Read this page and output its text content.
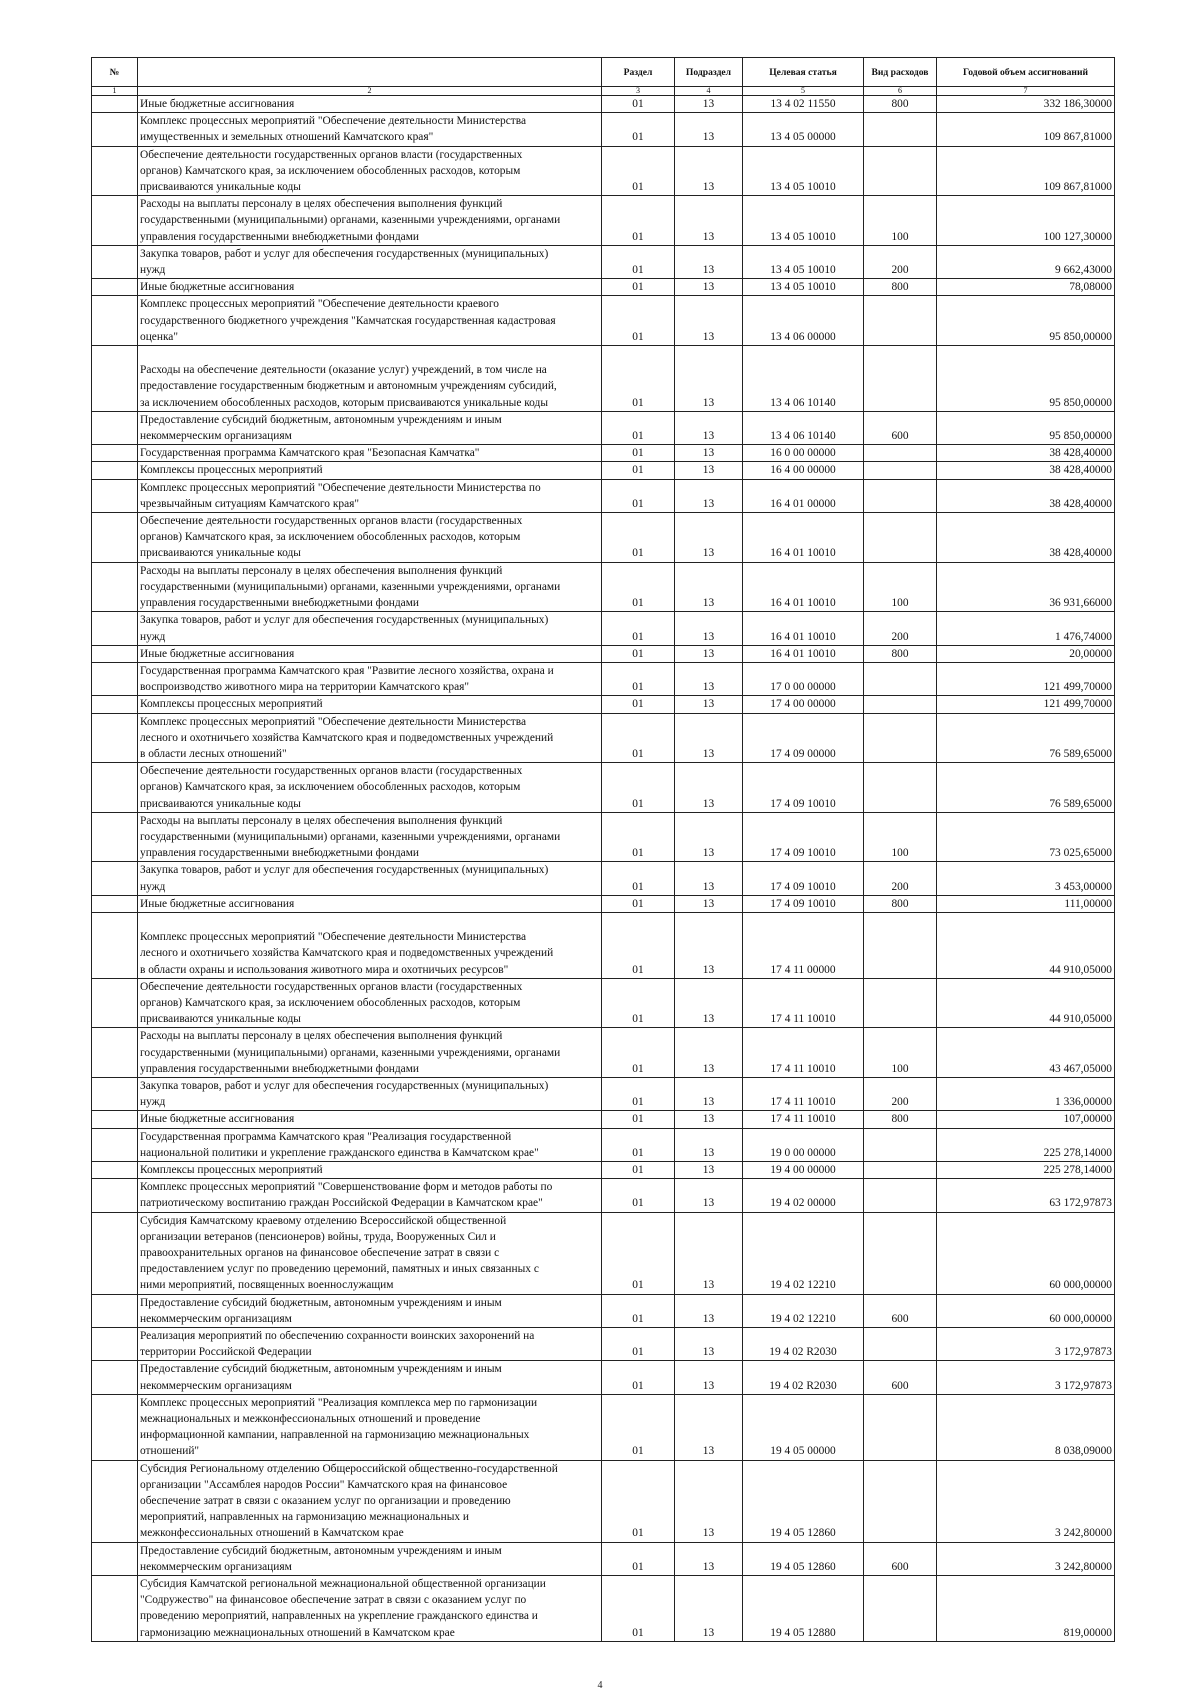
№		Раздел	Подраздел	Целевая статья	Вид расходов	Годовой объем ассигнований
1	2	3	4	5	6	7
	Иные бюджетные ассигнования	01	13	13 4 02 11550	800	332 186,30000
	Комплекс процессных мероприятий "Обеспечение деятельности Министерства
имущественных и земельных отношений Камчатского края"	01	13	13 4 05 00000		109 867,81000
	Обеспечение деятельности государственных органов власти (государственных
органов) Камчатского края, за исключением обособленных расходов, которым
присваиваются уникальные коды	01	13	13 4 05 10010		109 867,81000
	Расходы на выплаты персоналу в целях обеспечения выполнения функций
государственными (муниципальными) органами, казенными учреждениями, органами
управления государственными внебюджетными фондами	01	13	13 4 05 10010	100	100 127,30000
	Закупка товаров, работ и услуг для обеспечения государственных (муниципальных)
нужд	01	13	13 4 05 10010	200	9 662,43000
	Иные бюджетные ассигнования	01	13	13 4 05 10010	800	78,08000
	Комплекс процессных мероприятий "Обеспечение деятельности краевого
государственного бюджетного учреждения "Камчатская государственная кадастровая
оценка"	01	13	13 4 06 00000		95 850,00000

Расходы на обеспечение деятельности (оказание услуг) учреждений, в том числе на
предоставление государственным бюджетным и автономным учреждениям субсидий,
за исключением обособленных расходов, которым присваиваются уникальные коды	01	13	13 4 06 10140		95 850,00000
	Предоставление субсидий бюджетным, автономным учреждениям и иным
некоммерческим организациям	01	13	13 4 06 10140	600	95 850,00000
	Государственная программа Камчатского края "Безопасная Камчатка"	01	13	16 0 00 00000		38 428,40000
	Комплексы процессных мероприятий	01	13	16 4 00 00000		38 428,40000
	Комплекс процессных мероприятий "Обеспечение деятельности Министерства по
чрезвычайным ситуациям Камчатского края"	01	13	16 4 01 00000		38 428,40000
	Обеспечение деятельности государственных органов власти (государственных
органов) Камчатского края, за исключением обособленных расходов, которым
присваиваются уникальные коды	01	13	16 4 01 10010		38 428,40000
	Расходы на выплаты персоналу в целях обеспечения выполнения функций
государственными (муниципальными) органами, казенными учреждениями, органами
управления государственными внебюджетными фондами	01	13	16 4 01 10010	100	36 931,66000
	Закупка товаров, работ и услуг для обеспечения государственных (муниципальных)
нужд	01	13	16 4 01 10010	200	1 476,74000
	Иные бюджетные ассигнования	01	13	16 4 01 10010	800	20,00000
	Государственная программа Камчатского края "Развитие лесного хозяйства, охрана и
воспроизводство животного мира на территории Камчатского края"	01	13	17 0 00 00000		121 499,70000
	Комплексы процессных мероприятий	01	13	17 4 00 00000		121 499,70000
	Комплекс процессных мероприятий "Обеспечение деятельности Министерства
лесного и охотничьего хозяйства Камчатского края и подведомственных учреждений
в области лесных отношений"	01	13	17 4 09 00000		76 589,65000
	Обеспечение деятельности государственных органов власти (государственных
органов) Камчатского края, за исключением обособленных расходов, которым
присваиваются уникальные коды	01	13	17 4 09 10010		76 589,65000
	Расходы на выплаты персоналу в целях обеспечения выполнения функций
государственными (муниципальными) органами, казенными учреждениями, органами
управления государственными внебюджетными фондами	01	13	17 4 09 10010	100	73 025,65000
	Закупка товаров, работ и услуг для обеспечения государственных (муниципальных)
нужд	01	13	17 4 09 10010	200	3 453,00000
	Иные бюджетные ассигнования	01	13	17 4 09 10010	800	111,00000

Комплекс процессных мероприятий "Обеспечение деятельности Министерства
лесного и охотничьего хозяйства Камчатского края и подведомственных учреждений
в области охраны и использования животного мира и охотничьих ресурсов"	01	13	17 4 11 00000		44 910,05000
	Обеспечение деятельности государственных органов власти (государственных
органов) Камчатского края, за исключением обособленных расходов, которым
присваиваются уникальные коды	01	13	17 4 11 10010		44 910,05000
	Расходы на выплаты персоналу в целях обеспечения выполнения функций
государственными (муниципальными) органами, казенными учреждениями, органами
управления государственными внебюджетными фондами	01	13	17 4 11 10010	100	43 467,05000
	Закупка товаров, работ и услуг для обеспечения государственных (муниципальных)
нужд	01	13	17 4 11 10010	200	1 336,00000
	Иные бюджетные ассигнования	01	13	17 4 11 10010	800	107,00000
	Государственная программа Камчатского края "Реализация государственной
национальной политики и укрепление гражданского единства в Камчатском крае"	01	13	19 0 00 00000		225 278,14000
	Комплексы процессных мероприятий	01	13	19 4 00 00000		225 278,14000
	Комплекс процессных мероприятий "Совершенствование форм и методов работы по
патриотическому воспитанию граждан Российской Федерации в Камчатском крае"	01	13	19 4 02 00000		63 172,97873
	Субсидия Камчатскому краевому отделению Всероссийской общественной
организации ветеранов (пенсионеров) войны, труда, Вооруженных Сил и
правоохранительных органов на финансовое обеспечение затрат в связи с
предоставлением услуг по проведению церемоний, памятных и иных связанных с
ними мероприятий, посвященных военнослужащим	01	13	19 4 02 12210		60 000,00000
	Предоставление субсидий бюджетным, автономным учреждениям и иным
некоммерческим организациям	01	13	19 4 02 12210	600	60 000,00000
	Реализация мероприятий по обеспечению сохранности воинских захоронений на
территории Российской Федерации	01	13	19 4 02 R2030		3 172,97873
	Предоставление субсидий бюджетным, автономным учреждениям и иным
некоммерческим организациям	01	13	19 4 02 R2030	600	3 172,97873
	Комплекс процессных мероприятий "Реализация комплекса мер по гармонизации
межнациональных и межконфессиональных отношений и проведение
информационной кампании, направленной на гармонизацию межнациональных
отношений"	01	13	19 4 05 00000		8 038,09000
	Субсидия Региональному отделению Общероссийской общественно-государственной
организации "Ассамблея народов России" Камчатского края на финансовое
обеспечение затрат в связи с оказанием услуг по организации и проведению
мероприятий, направленных на гармонизацию межнациональных и
межконфессиональных отношений в Камчатском крае	01	13	19 4 05 12860		3 242,80000
	Предоставление субсидий бюджетным, автономным учреждениям и иным
некоммерческим организациям	01	13	19 4 05 12860	600	3 242,80000
	Субсидия Камчатской региональной межнациональной общественной организации
"Содружество" на финансовое обеспечение затрат в связи с оказанием услуг по
проведению мероприятий, направленных на укрепление гражданского единства и
гармонизацию межнациональных отношений в Камчатском крае	01	13	19 4 05 12880		819,00000
4
